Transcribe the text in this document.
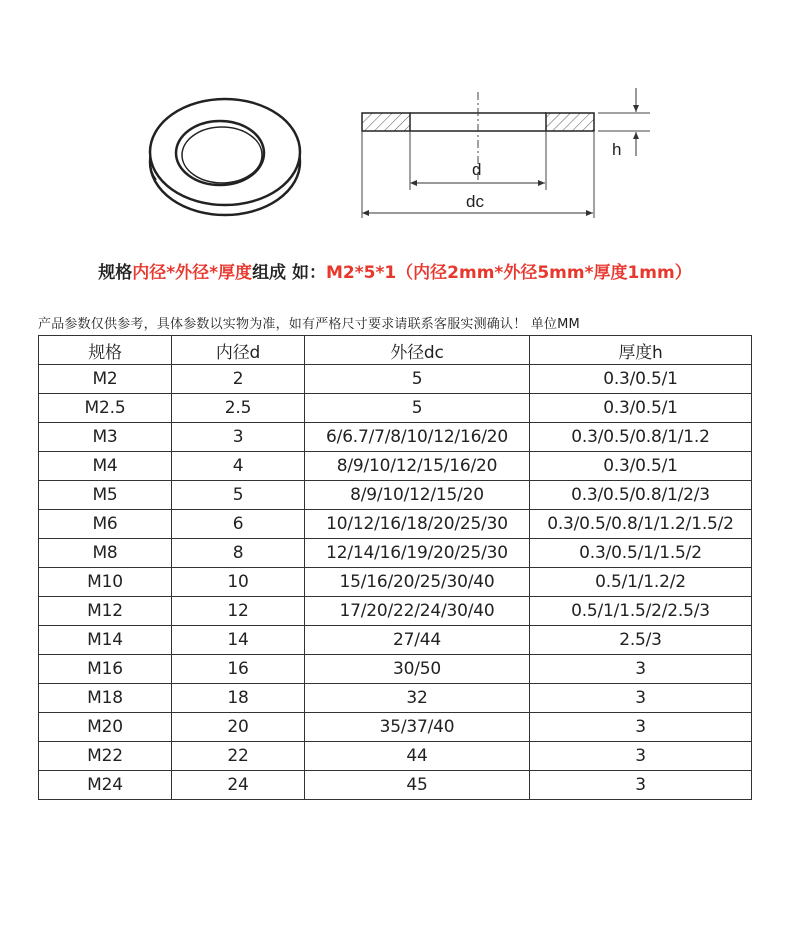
d
dc
h
规格内径*外径*厚度组成 如：M2*5*1（内径2mm*外径5mm*厚度1mm）
产品参数仅供参考，具体参数以实物为准，如有严格尺寸要求请联系客服实测确认！ 单位MM
规格	内径d	外径dc	厚度h
M2	2	5	0.3/0.5/1
M2.5	2.5	5	0.3/0.5/1
M3	3	6/6.7/7/8/10/12/16/20	0.3/0.5/0.8/1/1.2
M4	4	8/9/10/12/15/16/20	0.3/0.5/1
M5	5	8/9/10/12/15/20	0.3/0.5/0.8/1/2/3
M6	6	10/12/16/18/20/25/30	0.3/0.5/0.8/1/1.2/1.5/2
M8	8	12/14/16/19/20/25/30	0.3/0.5/1/1.5/2
M10	10	15/16/20/25/30/40	0.5/1/1.2/2
M12	12	17/20/22/24/30/40	0.5/1/1.5/2/2.5/3
M14	14	27/44	2.5/3
M16	16	30/50	3
M18	18	32	3
M20	20	35/37/40	3
M22	22	44	3
M24	24	45	3
